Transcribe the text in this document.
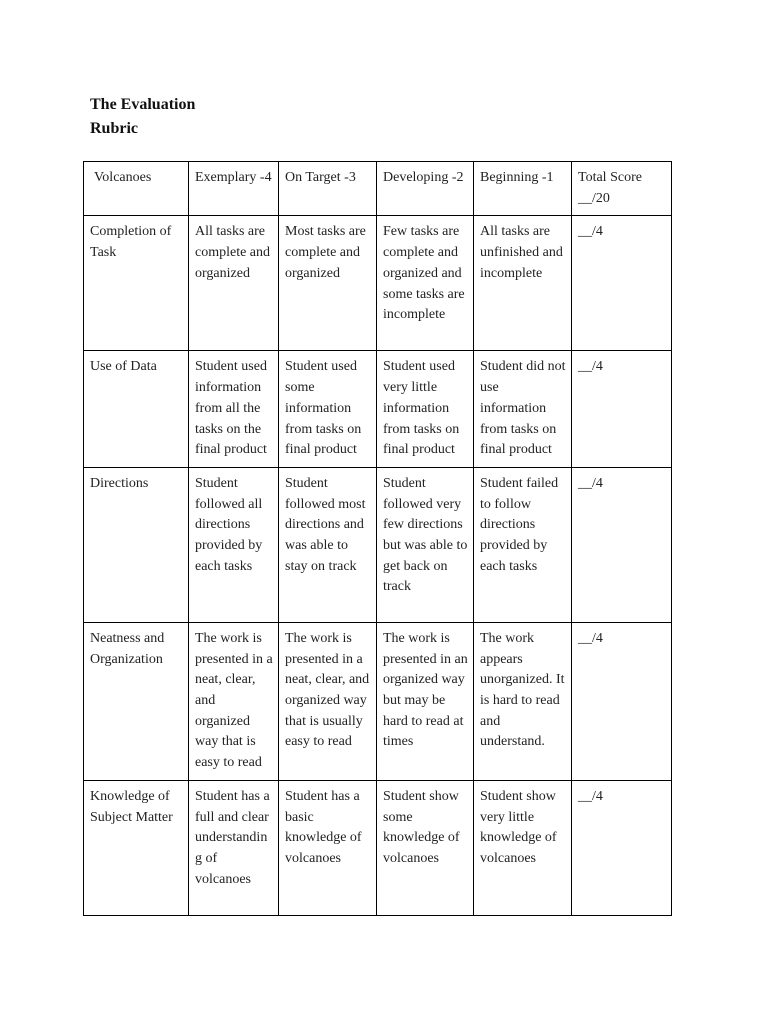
The Evaluation
Rubric
Volcanoes	Exemplary -4	On Target -3	Developing -2	Beginning -1	Total Score __/20
Completion of Task	All tasks are complete and organized	Most tasks are complete and organized	Few tasks are complete and organized and some tasks are incomplete	All tasks are unfinished and incomplete	__/4
Use of Data	Student used information from all the tasks on the final product	Student used some information from tasks on final product	Student used very little information from tasks on final product	Student did not use information from tasks on final product	__/4
Directions	Student followed all directions provided by each tasks	Student followed most directions and was able to stay on track	Student followed very few directions but was able to get back on track	Student failed to follow directions provided by each tasks	__/4
Neatness and Organization	The work is presented in a neat, clear, and organized way that is easy to read	The work is presented in a neat, clear, and organized way that is usually easy to read	The work is presented in an organized way but may be hard to read at times	The work appears unorganized. It is hard to read and understand.	__/4
Knowledge of Subject Matter	Student has a full and clear understanding of volcanoes	Student has a basic knowledge of volcanoes	Student show some knowledge of volcanoes	Student show very little knowledge of volcanoes	__/4
